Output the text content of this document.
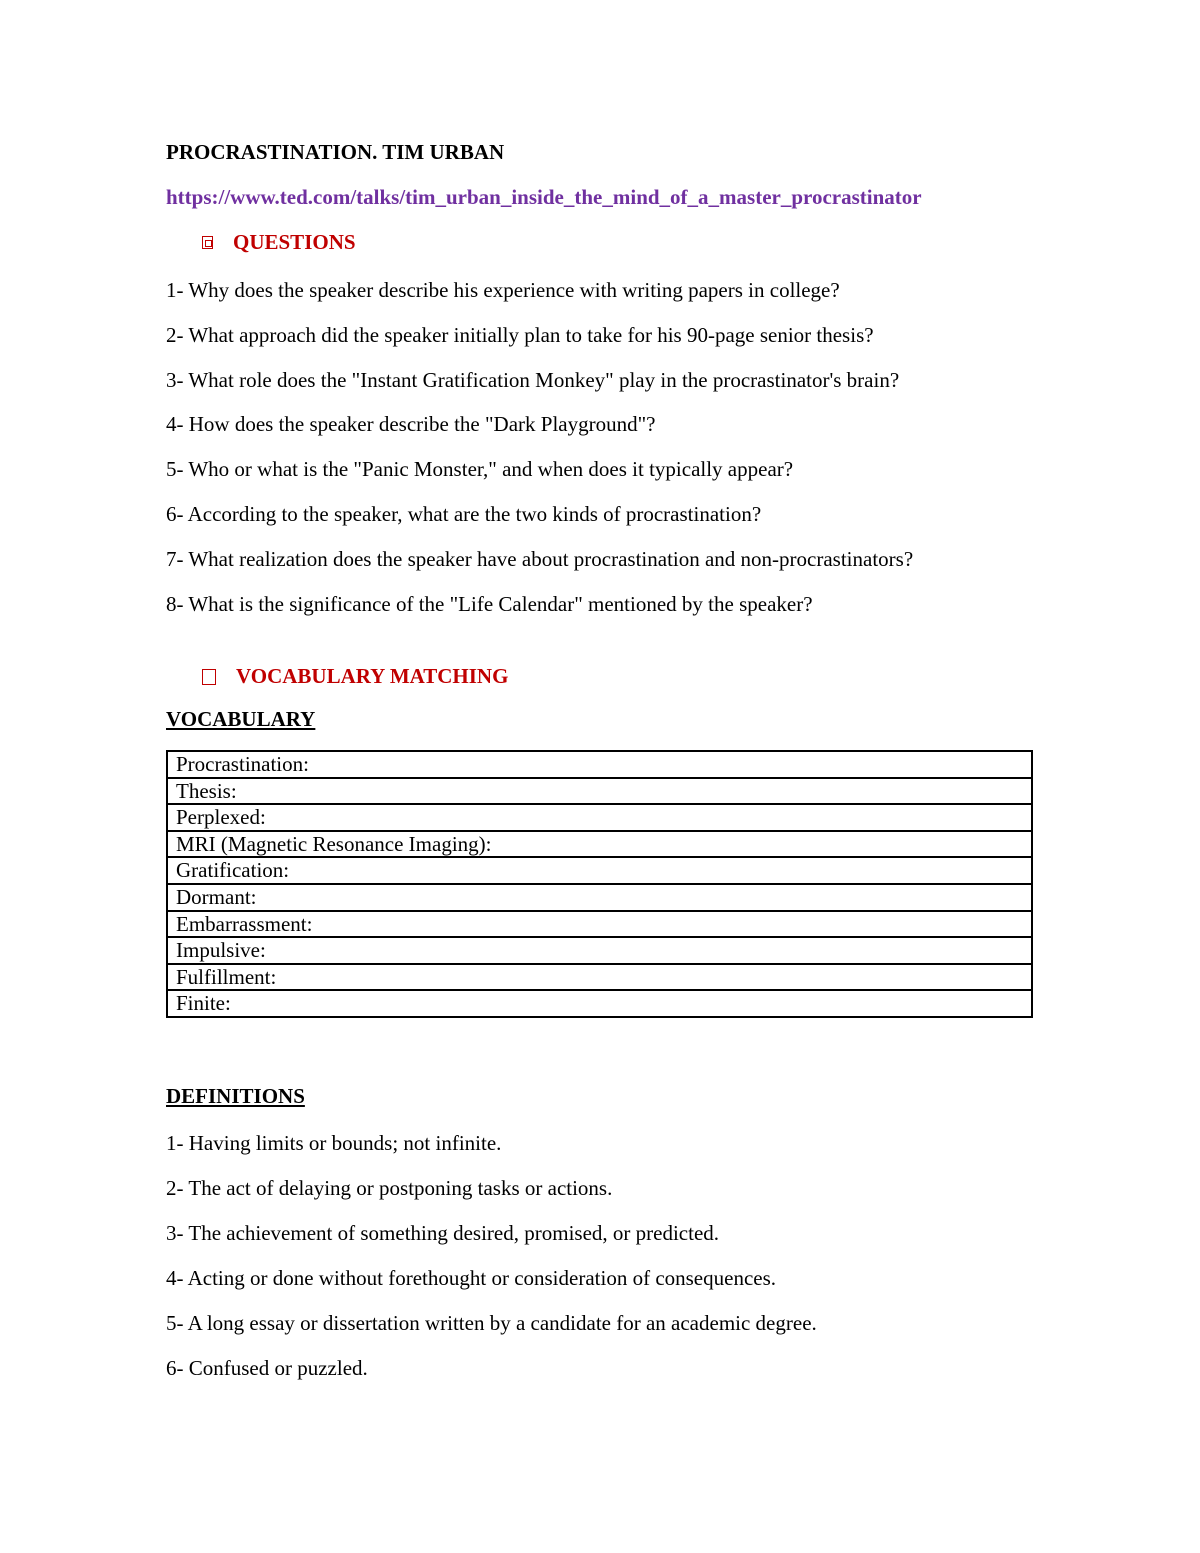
PROCRASTINATION. TIM URBAN
https://www.ted.com/talks/tim_urban_inside_the_mind_of_a_master_procrastinator
QUESTIONS
1- Why does the speaker describe his experience with writing papers in college?
2- What approach did the speaker initially plan to take for his 90-page senior thesis?
3- What role does the "Instant Gratification Monkey" play in the procrastinator's brain?
4- How does the speaker describe the "Dark Playground"?
5- Who or what is the "Panic Monster," and when does it typically appear?
6- According to the speaker, what are the two kinds of procrastination?
7- What realization does the speaker have about procrastination and non-procrastinators?
8- What is the significance of the "Life Calendar" mentioned by the speaker?
VOCABULARY MATCHING
VOCABULARY
Procrastination:
Thesis:
Perplexed:
MRI (Magnetic Resonance Imaging):
Gratification:
Dormant:
Embarrassment:
Impulsive:
Fulfillment:
Finite:
DEFINITIONS
1- Having limits or bounds; not infinite.
2- The act of delaying or postponing tasks or actions.
3- The achievement of something desired, promised, or predicted.
4- Acting or done without forethought or consideration of consequences.
5- A long essay or dissertation written by a candidate for an academic degree.
6- Confused or puzzled.
